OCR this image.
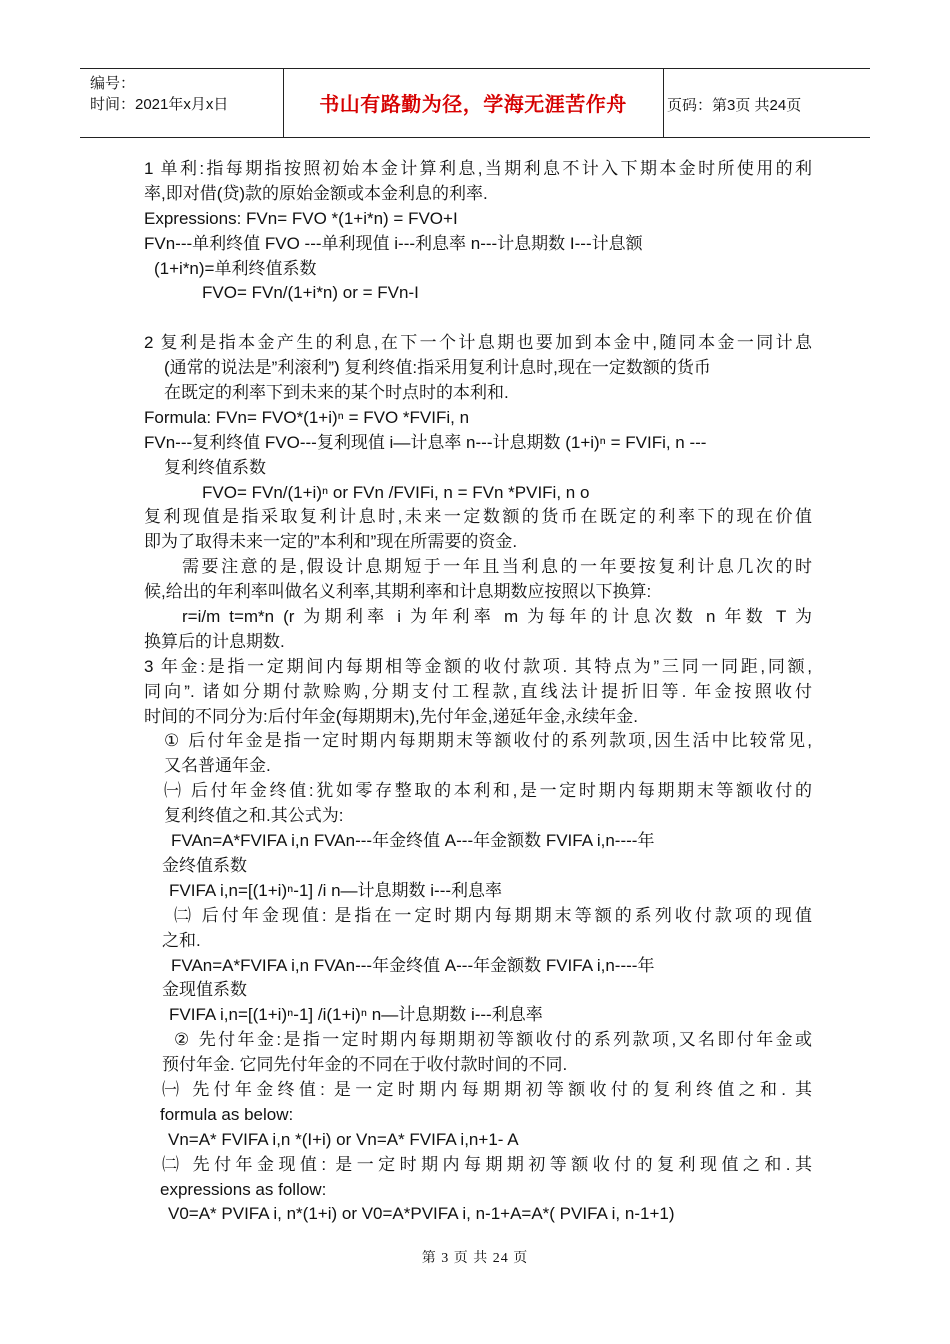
编号：
时间：2021年x月x日	书山有路勤为径，学海无涯苦作舟	页码：第3页 共24页
1 单利:指每期指按照初始本金计算利息,当期利息不计入下期本金时所使用的利
率,即对借(贷)款的原始金额或本金利息的利率.
Expressions: FVn= FVO *(1+i*n) = FVO+I
FVn---单利终值 FVO ---单利现值 i---利息率 n---计息期数 I---计息额
(1+i*n)=单利终值系数
FVO= FVn/(1+i*n) or = FVn-I
2 复利是指本金产生的利息,在下一个计息期也要加到本金中,随同本金一同计息
(通常的说法是”利滚利”) 复利终值:指采用复利计息时,现在一定数额的货币
在既定的利率下到未来的某个时点时的本利和.
Formula: FVn= FVO*(1+i)ⁿ = FVO *FVIFi, n
FVn---复利终值 FVO---复利现值 i—计息率 n---计息期数 (1+i)ⁿ = FVIFi, n ---
复利终值系数
FVO= FVn/(1+i)ⁿ or FVn /FVIFi, n = FVn *PVIFi, n o
复利现值是指采取复利计息时,未来一定数额的货币在既定的利率下的现在价值
即为了取得未来一定的”本利和”现在所需要的资金.
需要注意的是,假设计息期短于一年且当利息的一年要按复利计息几次的时
候,给出的年利率叫做名义利率,其期利率和计息期数应按照以下换算:
r=i/m t=m*n (r 为期利率 i 为年利率 m 为每年的计息次数 n 年数 T 为
换算后的计息期数.
3 年金:是指一定期间内每期相等金额的收付款项. 其特点为”三同一同距,同额,
同向”. 诸如分期付款赊购,分期支付工程款,直线法计提折旧等. 年金按照收付
时间的不同分为:后付年金(每期期末),先付年金,递延年金,永续年金.
① 后付年金是指一定时期内每期期末等额收付的系列款项,因生活中比较常见,
又名普通年金.
㈠ 后付年金终值:犹如零存整取的本利和,是一定时期内每期期末等额收付的
复利终值之和.其公式为:
FVAn=A*FVIFA i,n FVAn---年金终值 A---年金额数 FVIFA i,n----年
金终值系数
FVIFA i,n=[(1+i)ⁿ-1] /i n—计息期数 i---利息率
㈡ 后付年金现值: 是指在一定时期内每期期末等额的系列收付款项的现值
之和.
FVAn=A*FVIFA i,n FVAn---年金终值 A---年金额数 FVIFA i,n----年
金现值系数
FVIFA i,n=[(1+i)ⁿ-1] /i(1+i)ⁿ n—计息期数 i---利息率
② 先付年金:是指一定时期内每期期初等额收付的系列款项,又名即付年金或
预付年金. 它同先付年金的不同在于收付款时间的不同.
㈠ 先付年金终值: 是一定时期内每期期初等额收付的复利终值之和. 其
formula as below:
Vn=A* FVIFA i,n *(I+i) or Vn=A* FVIFA i,n+1- A
㈡ 先付年金现值: 是一定时期内每期期初等额收付的复利现值之和.其
expressions as follow:
V0=A* PVIFA i, n*(1+i) or V0=A*PVIFA i, n-1+A=A*( PVIFA i, n-1+1)
第 3 页 共 24 页
